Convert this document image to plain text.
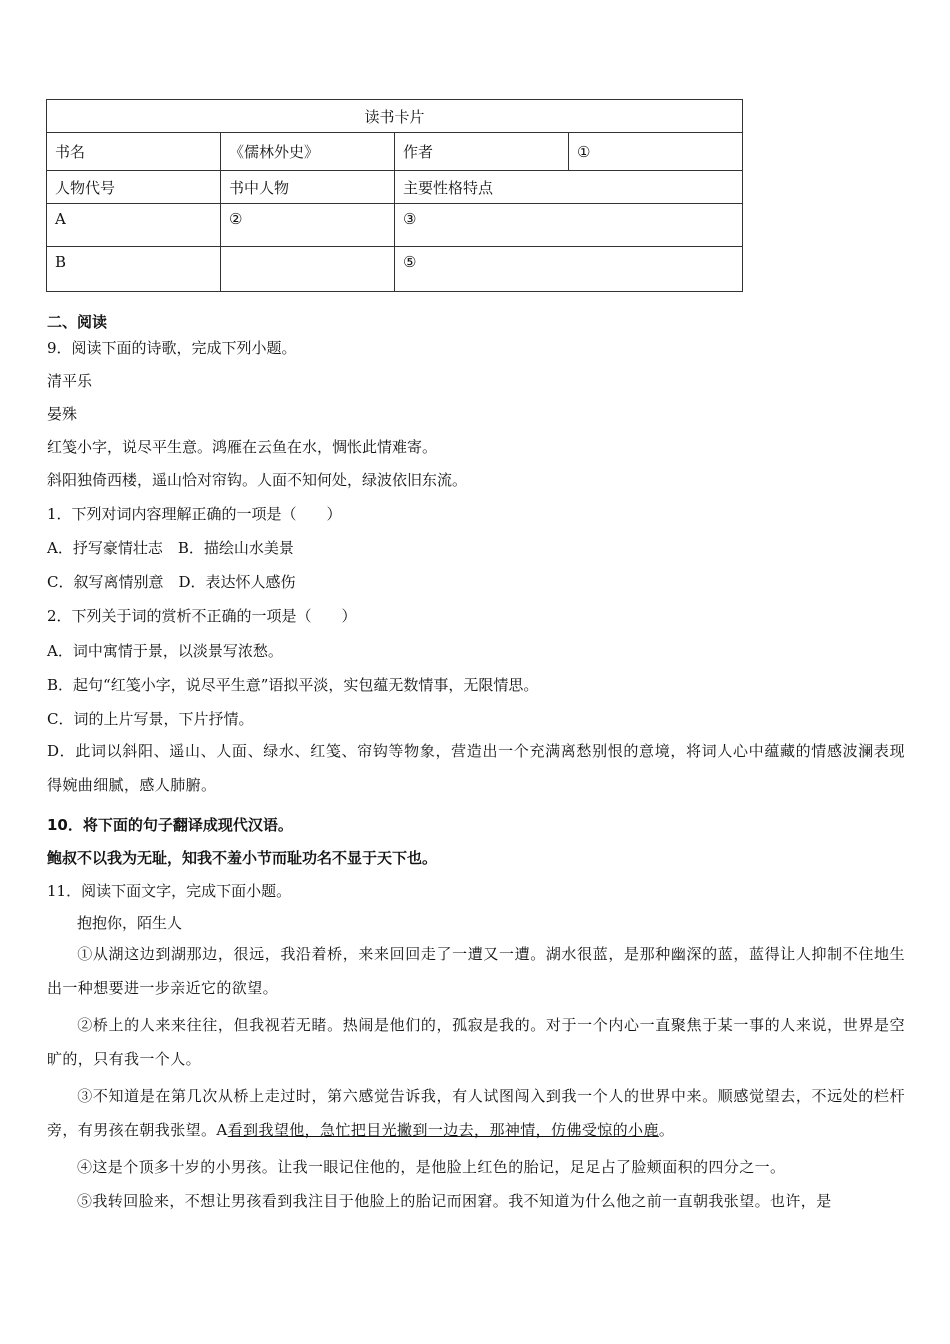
读书卡片			
书名	《儒林外史》	作者	①
人物代号	书中人物	主要性格特点	
A	②	③	
B		⑤	
二、阅读
9．阅读下面的诗歌，完成下列小题。
清平乐
晏殊
红笺小字，说尽平生意。鸿雁在云鱼在水，惆怅此情难寄。
斜阳独倚西楼，遥山恰对帘钩。人面不知何处，绿波依旧东流。
1．下列对词内容理解正确的一项是（　　）
A．抒写豪情壮志　B．描绘山水美景
C．叙写离情别意　D．表达怀人感伤
2．下列关于词的赏析不正确的一项是（　　）
A．词中寓情于景，以淡景写浓愁。
B．起句“红笺小字，说尽平生意”语拟平淡，实包蕴无数情事，无限情思。
C．词的上片写景，下片抒情。
D．此词以斜阳、遥山、人面、绿水、红笺、帘钩等物象，营造出一个充满离愁别恨的意境，将词人心中蕴藏的情感波澜表现得婉曲细腻，感人肺腑。
10．将下面的句子翻译成现代汉语。
鲍叔不以我为无耻，知我不羞小节而耻功名不显于天下也。
11．阅读下面文字，完成下面小题。
抱抱你，陌生人
①从湖这边到湖那边，很远，我沿着桥，来来回回走了一遭又一遭。湖水很蓝，是那种幽深的蓝，蓝得让人抑制不住地生出一种想要进一步亲近它的欲望。
②桥上的人来来往往，但我视若无睹。热闹是他们的，孤寂是我的。对于一个内心一直聚焦于某一事的人来说，世界是空旷的，只有我一个人。
③不知道是在第几次从桥上走过时，第六感觉告诉我，有人试图闯入到我一个人的世界中来。顺感觉望去，不远处的栏杆旁，有男孩在朝我张望。A看到我望他，急忙把目光撇到一边去，那神情，仿佛受惊的小鹿。
④这是个顶多十岁的小男孩。让我一眼记住他的，是他脸上红色的胎记，足足占了脸颊面积的四分之一。
⑤我转回脸来，不想让男孩看到我注目于他脸上的胎记而困窘。我不知道为什么他之前一直朝我张望。也许，是
